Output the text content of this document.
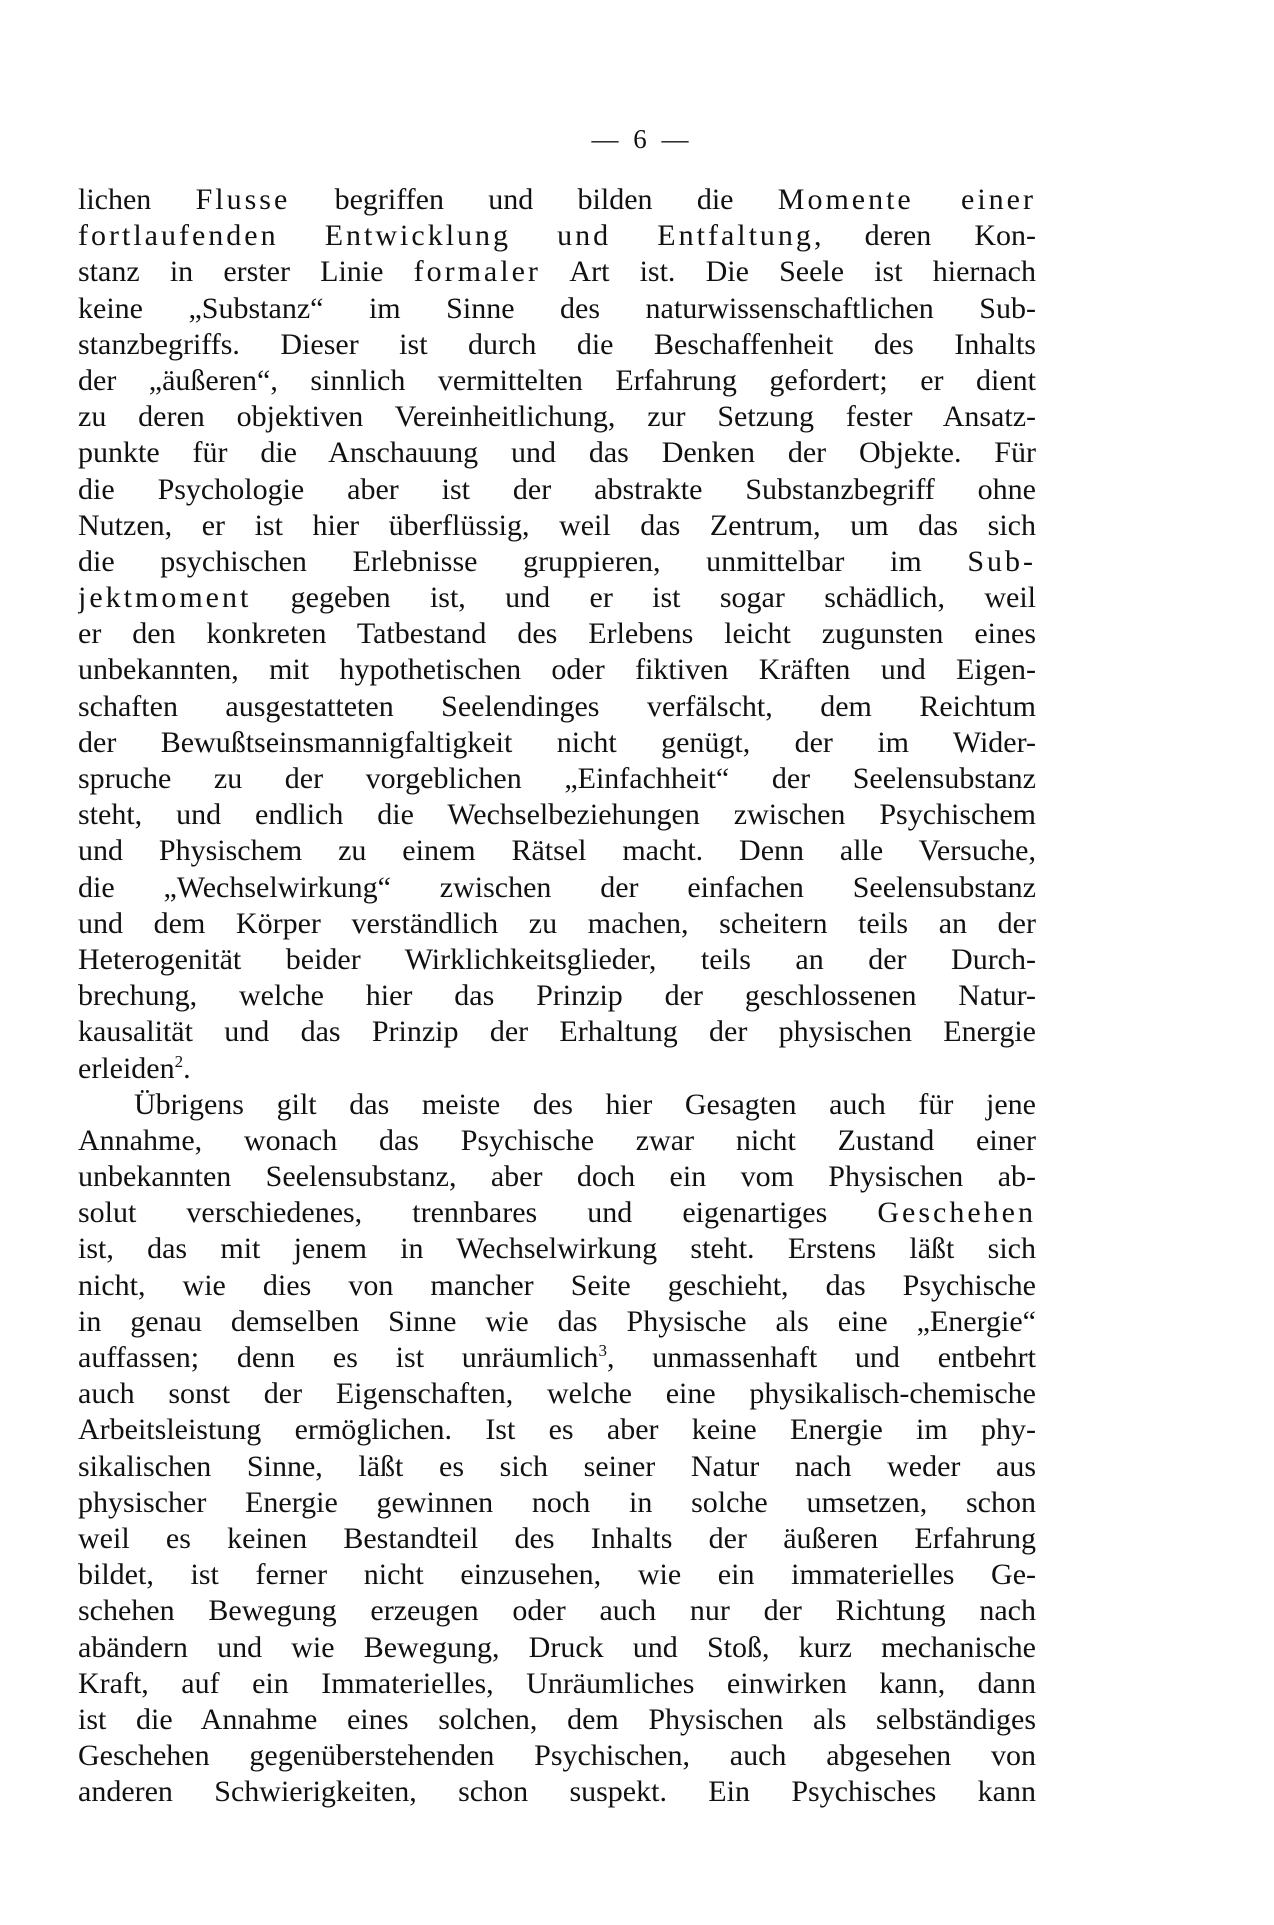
— 6 —
lichen Flusse begriffen und bilden die Momente einer
fortlaufenden Entwicklung und Entfaltung, deren Kon-
stanz in erster Linie formaler Art ist. Die Seele ist hiernach
keine „Substanz“ im Sinne des naturwissenschaftlichen Sub-
stanzbegriffs. Dieser ist durch die Beschaffenheit des Inhalts
der „äußeren“, sinnlich vermittelten Erfahrung gefordert; er dient
zu deren objektiven Vereinheitlichung, zur Setzung fester Ansatz-
punkte für die Anschauung und das Denken der Objekte. Für
die Psychologie aber ist der abstrakte Substanzbegriff ohne
Nutzen, er ist hier überflüssig, weil das Zentrum, um das sich
die psychischen Erlebnisse gruppieren, unmittelbar im Sub-
jektmoment gegeben ist, und er ist sogar schädlich, weil
er den konkreten Tatbestand des Erlebens leicht zugunsten eines
unbekannten, mit hypothetischen oder fiktiven Kräften und Eigen-
schaften ausgestatteten Seelendinges verfälscht, dem Reichtum
der Bewußtseinsmannigfaltigkeit nicht genügt, der im Wider-
spruche zu der vorgeblichen „Einfachheit“ der Seelensubstanz
steht, und endlich die Wechselbeziehungen zwischen Psychischem
und Physischem zu einem Rätsel macht. Denn alle Versuche,
die „Wechselwirkung“ zwischen der einfachen Seelensubstanz
und dem Körper verständlich zu machen, scheitern teils an der
Heterogenität beider Wirklichkeitsglieder, teils an der Durch-
brechung, welche hier das Prinzip der geschlossenen Natur-
kausalität und das Prinzip der Erhaltung der physischen Energie
erleiden$^2$.
Übrigens gilt das meiste des hier Gesagten auch für jene
Annahme, wonach das Psychische zwar nicht Zustand einer
unbekannten Seelensubstanz, aber doch ein vom Physischen ab-
solut verschiedenes, trennbares und eigenartiges Geschehen
ist, das mit jenem in Wechselwirkung steht. Erstens läßt sich
nicht, wie dies von mancher Seite geschieht, das Psychische
in genau demselben Sinne wie das Physische als eine „Energie“
auffassen; denn es ist unräumlich$^3$, unmassenhaft und entbehrt
auch sonst der Eigenschaften, welche eine physikalisch-chemische
Arbeitsleistung ermöglichen. Ist es aber keine Energie im phy-
sikalischen Sinne, läßt es sich seiner Natur nach weder aus
physischer Energie gewinnen noch in solche umsetzen, schon
weil es keinen Bestandteil des Inhalts der äußeren Erfahrung
bildet, ist ferner nicht einzusehen, wie ein immaterielles Ge-
schehen Bewegung erzeugen oder auch nur der Richtung nach
abändern und wie Bewegung, Druck und Stoß, kurz mechanische
Kraft, auf ein Immaterielles, Unräumliches einwirken kann, dann
ist die Annahme eines solchen, dem Physischen als selbständiges
Geschehen gegenüberstehenden Psychischen, auch abgesehen von
anderen Schwierigkeiten, schon suspekt. Ein Psychisches kann
